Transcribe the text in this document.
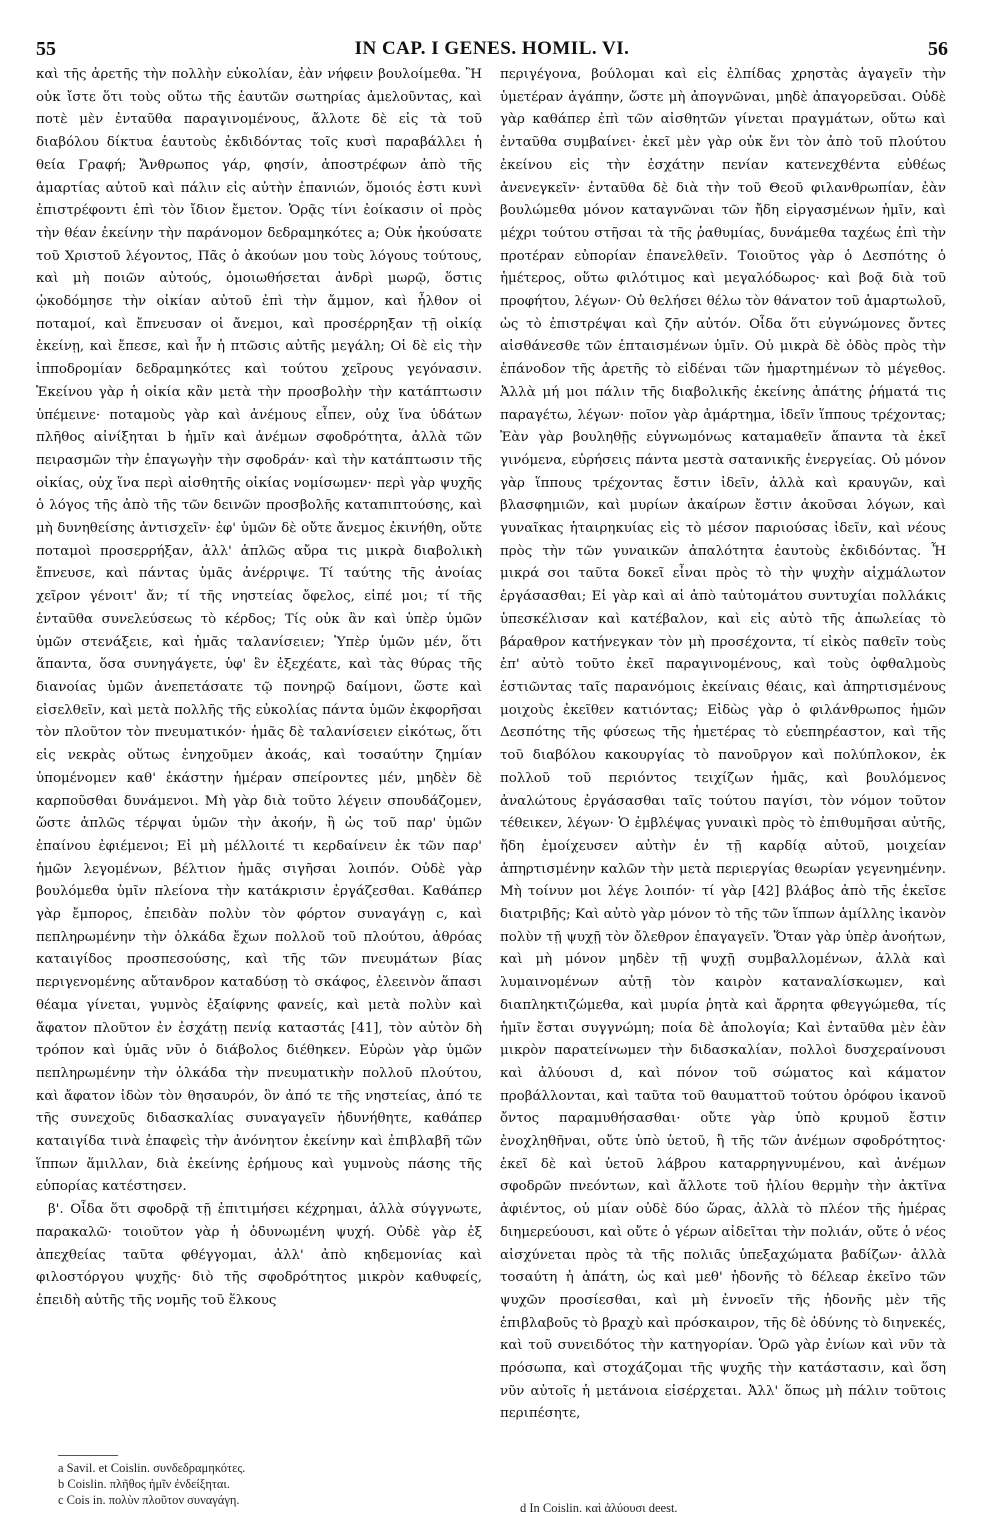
55	IN CAP. I GENES. HOMIL. VI.	56

καὶ τῆς ἀρετῆς τὴν πολλὴν εὐκολίαν, ἐὰν νήφειν βουλοίμεθα. Ἢ οὐκ ἴστε ὅτι τοὺς οὕτω τῆς ἑαυτῶν σωτηρίας ἀμελοῦντας, καὶ ποτὲ μὲν ἐνταῦθα παραγινομένους, ἄλλοτε δὲ εἰς τὰ τοῦ διαβόλου δίκτυα ἑαυτοὺς ἐκδιδόντας τοῖς κυσὶ παραβάλλει ἡ θεία Γραφή; Ἄνθρωπος γάρ, φησίν, ἀποστρέφων ἀπὸ τῆς ἁμαρτίας αὐτοῦ καὶ πάλιν εἰς αὐτὴν ἐπανιών, ὅμοιός ἐστι κυνὶ ἐπιστρέφοντι ἐπὶ τὸν ἴδιον ἔμετον. Ὁρᾷς τίνι ἐοίκασιν οἱ πρὸς τὴν θέαν ἐκείνην τὴν παράνομον δεδραμηκότες a; Οὐκ ἠκούσατε τοῦ Χριστοῦ λέγοντος, Πᾶς ὁ ἀκούων μου τοὺς λόγους τούτους, καὶ μὴ ποιῶν αὐτούς, ὁμοιωθήσεται ἀνδρὶ μωρῷ, ὅστις ᾠκοδόμησε τὴν οἰκίαν αὐτοῦ ἐπὶ τὴν ἄμμον, καὶ ἦλθον οἱ ποταμοί, καὶ ἔπνευσαν οἱ ἄνεμοι, καὶ προσέρρηξαν τῇ οἰκίᾳ ἐκείνῃ, καὶ ἔπεσε, καὶ ἦν ἡ πτῶσις αὐτῆς μεγάλη; Οἱ δὲ εἰς τὴν ἱπποδρομίαν δεδραμηκότες καὶ τούτου χεῖρους γεγόνασιν. Ἐκείνου γὰρ ἡ οἰκία κἂν μετὰ τὴν προσβολὴν τὴν κατάπτωσιν ὑπέμεινε· ποταμοὺς γὰρ καὶ ἀνέμους εἶπεν, οὐχ ἵνα ὑδάτων πλῆθος αἰνίξηται b ἡμῖν καὶ ἀνέμων σφοδρότητα, ἀλλὰ τῶν πειρασμῶν τὴν ἐπαγωγὴν τὴν σφοδράν· καὶ τὴν κατάπτωσιν τῆς οἰκίας, οὐχ ἵνα περὶ αἰσθητῆς οἰκίας νομίσωμεν· περὶ γὰρ ψυχῆς ὁ λόγος τῆς ἀπὸ τῆς τῶν δεινῶν προσβολῆς καταπιπτούσης, καὶ μὴ δυνηθείσης ἀντισχεῖν· ἐφ' ὑμῶν δὲ οὔτε ἄνεμος ἐκινήθη, οὔτε ποταμοὶ προσερρήξαν, ἀλλ' ἁπλῶς αὔρα τις μικρὰ διαβολικὴ ἔπνευσε, καὶ πάντας ὑμᾶς ἀνέρριψε. Τί ταύτης τῆς ἀνοίας χεῖρον γένοιτ' ἄν; τί τῆς νηστείας ὄφελος, εἰπέ μοι; τί τῆς ἐνταῦθα συνελεύσεως τὸ κέρδος; Τίς οὐκ ἂν καὶ ὑπὲρ ὑμῶν ὑμῶν στενάξειε, καὶ ἡμᾶς ταλανίσειεν; Ὑπὲρ ὑμῶν μέν, ὅτι ἅπαντα, ὅσα συνηγάγετε, ὑφ' ἓν ἐξεχέατε, καὶ τὰς θύρας τῆς διανοίας ὑμῶν ἀνεπετάσατε τῷ πονηρῷ δαίμονι, ὥστε καὶ εἰσελθεῖν, καὶ μετὰ πολλῆς τῆς εὐκολίας πάντα ὑμῶν ἐκφορῆσαι τὸν πλοῦτον τὸν πνευματικόν· ἡμᾶς δὲ ταλανίσειεν εἰκότως, ὅτι εἰς νεκρὰς οὕτως ἐνηχοῦμεν ἀκοάς, καὶ τοσαύτην ζημίαν ὑπομένομεν καθ' ἑκάστην ἡμέραν σπείροντες μέν, μηδὲν δὲ καρποῦσθαι δυνάμενοι. Μὴ γὰρ διὰ τοῦτο λέγειν σπουδάζομεν, ὥστε ἁπλῶς τέρψαι ὑμῶν τὴν ἀκοήν, ἢ ὡς τοῦ παρ' ὑμῶν ἐπαίνου ἐφιέμενοι; Εἰ μὴ μέλλοιτέ τι κερδαίνειν ἐκ τῶν παρ' ἡμῶν λεγομένων, βέλτιον ἡμᾶς σιγῆσαι λοιπόν. Οὐδὲ γὰρ βουλόμεθα ὑμῖν πλείονα τὴν κατάκρισιν ἐργάζεσθαι. Καθάπερ γὰρ ἔμπορος, ἐπειδὰν πολὺν τὸν φόρτον συναγάγῃ c, καὶ πεπληρωμένην τὴν ὁλκάδα ἔχων πολλοῦ τοῦ πλούτου, ἀθρόας καταιγίδος προσπεσούσης, καὶ τῆς τῶν πνευμάτων βίας περιγενομένης αὔτανδρον καταδύσῃ τὸ σκάφος, ἐλεεινὸν ἅπασι θέαμα γίνεται, γυμνὸς ἐξαίφνης φανείς, καὶ μετὰ πολὺν καὶ ἄφατον πλοῦτον ἐν ἐσχάτῃ πενίᾳ καταστάς [41], τὸν αὐτὸν δὴ τρόπον καὶ ὑμᾶς νῦν ὁ διάβολος διέθηκεν. Εὑρὼν γὰρ ὑμῶν πεπληρωμένην τὴν ὁλκάδα τὴν πνευματικὴν πολλοῦ πλούτου, καὶ ἄφατον ἰδὼν τὸν θησαυρόν, ὃν ἀπό τε τῆς νηστείας, ἀπό τε τῆς συνεχοῦς διδασκαλίας συναγαγεῖν ἠδυνήθητε, καθάπερ καταιγίδα τινὰ ἐπαφεὶς τὴν ἀνόνητον ἐκείνην καὶ ἐπιβλαβῆ τῶν ἵππων ἅμιλλαν, διὰ ἐκείνης ἐρήμους καὶ γυμνοὺς πάσης τῆς εὐπορίας κατέστησεν.

β'. Οἶδα ὅτι σφοδρᾷ τῇ ἐπιτιμήσει κέχρημαι, ἀλλὰ σύγγνωτε, παρακαλῶ· τοιοῦτον γὰρ ἡ ὀδυνωμένη ψυχή. Οὐδὲ γὰρ ἐξ ἀπεχθείας ταῦτα φθέγγομαι, ἀλλ' ἀπὸ κηδεμονίας καὶ φιλοστόργου ψυχῆς· διὸ τῆς σφοδρότητος μικρὸν καθυφείς, ἐπειδὴ αὐτῆς τῆς νομῆς τοῦ ἕλκους

περιγέγονα, βούλομαι καὶ εἰς ἐλπίδας χρηστὰς ἀγαγεῖν τὴν ὑμετέραν ἀγάπην, ὥστε μὴ ἀπογνῶναι, μηδὲ ἀπαγορεῦσαι. Οὐδὲ γὰρ καθάπερ ἐπὶ τῶν αἰσθητῶν γίνεται πραγμάτων, οὕτω καὶ ἐνταῦθα συμβαίνει· ἐκεῖ μὲν γὰρ οὐκ ἔνι τὸν ἀπὸ τοῦ πλούτου ἐκείνου εἰς τὴν ἐσχάτην πενίαν κατενεχθέντα εὐθέως ἀνενεγκεῖν· ἐνταῦθα δὲ διὰ τὴν τοῦ Θεοῦ φιλανθρωπίαν, ἐὰν βουλώμεθα μόνον καταγνῶναι τῶν ἤδη εἰργασμένων ἡμῖν, καὶ μέχρι τούτου στῆσαι τὰ τῆς ῥαθυμίας, δυνάμεθα ταχέως ἐπὶ τὴν προτέραν εὐπορίαν ἐπανελθεῖν. Τοιοῦτος γὰρ ὁ Δεσπότης ὁ ἡμέτερος, οὕτω φιλότιμος καὶ μεγαλόδωρος· καὶ βοᾷ διὰ τοῦ προφήτου, λέγων· Οὐ θελήσει θέλω τὸν θάνατον τοῦ ἁμαρτωλοῦ, ὡς τὸ ἐπιστρέψαι καὶ ζῆν αὐτόν. Οἶδα ὅτι εὐγνώμονες ὄντες αἰσθάνεσθε τῶν ἐπταισμένων ὑμῖν. Οὐ μικρὰ δὲ ὁδὸς πρὸς τὴν ἐπάνοδον τῆς ἀρετῆς τὸ εἰδέναι τῶν ἡμαρτημένων τὸ μέγεθος. Ἀλλὰ μή μοι πάλιν τῆς διαβολικῆς ἐκείνης ἀπάτης ῥήματά τις παραγέτω, λέγων· ποῖον γὰρ ἁμάρτημα, ἰδεῖν ἵππους τρέχοντας; Ἐὰν γὰρ βουληθῇς εὐγνωμόνως καταμαθεῖν ἅπαντα τὰ ἐκεῖ γινόμενα, εὑρήσεις πάντα μεστὰ σατανικῆς ἐνεργείας. Οὐ μόνον γὰρ ἵππους τρέχοντας ἔστιν ἰδεῖν, ἀλλὰ καὶ κραυγῶν, καὶ βλασφημιῶν, καὶ μυρίων ἀκαίρων ἔστιν ἀκοῦσαι λόγων, καὶ γυναῖκας ἡταιρηκυίας εἰς τὸ μέσον παριούσας ἰδεῖν, καὶ νέους πρὸς τὴν τῶν γυναικῶν ἀπαλότητα ἑαυτοὺς ἐκδιδόντας. Ἦ μικρά σοι ταῦτα δοκεῖ εἶναι πρὸς τὸ τὴν ψυχὴν αἰχμάλωτον ἐργάσασθαι; Εἰ γὰρ καὶ αἱ ἀπὸ ταὐτομάτου συντυχίαι πολλάκις ὑπεσκέλισαν καὶ κατέβαλον, καὶ εἰς αὐτὸ τῆς ἀπωλείας τὸ βάραθρον κατήνεγκαν τὸν μὴ προσέχοντα, τί εἰκὸς παθεῖν τοὺς ἐπ' αὐτὸ τοῦτο ἐκεῖ παραγινομένους, καὶ τοὺς ὀφθαλμοὺς ἑστιῶντας ταῖς παρανόμοις ἐκείναις θέαις, καὶ ἀπηρτισμένους μοιχοὺς ἐκεῖθεν κατιόντας; Εἰδὼς γὰρ ὁ φιλάνθρωπος ἡμῶν Δεσπότης τῆς φύσεως τῆς ἡμετέρας τὸ εὐεπηρέαστον, καὶ τῆς τοῦ διαβόλου κακουργίας τὸ πανοῦργον καὶ πολύπλοκον, ἐκ πολλοῦ τοῦ περιόντος τειχίζων ἡμᾶς, καὶ βουλόμενος ἀναλώτους ἐργάσασθαι ταῖς τούτου παγίσι, τὸν νόμον τοῦτον τέθεικεν, λέγων· Ὁ ἐμβλέψας γυναικὶ πρὸς τὸ ἐπιθυμῆσαι αὐτῆς, ἤδη ἐμοίχευσεν αὐτὴν ἐν τῇ καρδίᾳ αὐτοῦ, μοιχείαν ἀπηρτισμένην καλῶν τὴν μετὰ περιεργίας θεωρίαν γεγενημένην. Μὴ τοίνυν μοι λέγε λοιπόν· τί γὰρ [42] βλάβος ἀπὸ τῆς ἐκεῖσε διατριβῆς; Καὶ αὐτὸ γὰρ μόνον τὸ τῆς τῶν ἵππων ἁμίλλης ἱκανὸν πολὺν τῇ ψυχῇ τὸν ὄλεθρον ἐπαγαγεῖν. Ὅταν γὰρ ὑπὲρ ἀνοήτων, καὶ μὴ μόνον μηδὲν τῇ ψυχῇ συμβαλλομένων, ἀλλὰ καὶ λυμαινομένων αὐτῇ τὸν καιρὸν καταναλίσκωμεν, καὶ διαπληκτιζώμεθα, καὶ μυρία ῥητὰ καὶ ἄρρητα φθεγγώμεθα, τίς ἡμῖν ἔσται συγγνώμη; ποία δὲ ἀπολογία; Καὶ ἐνταῦθα μὲν ἐὰν μικρὸν παρατείνωμεν τὴν διδασκαλίαν, πολλοὶ δυσχεραίνουσι καὶ ἀλύουσι d, καὶ πόνον τοῦ σώματος καὶ κάματον προβάλλονται, καὶ ταῦτα τοῦ θαυματτοῦ τούτου ὀρόφου ἱκανοῦ ὄντος παραμυθήσασθαι· οὔτε γὰρ ὑπὸ κρυμοῦ ἔστιν ἐνοχληθῆναι, οὔτε ὑπὸ ὑετοῦ, ἢ τῆς τῶν ἀνέμων σφοδρότητος· ἐκεῖ δὲ καὶ ὑετοῦ λάβρου καταρρηγνυμένου, καὶ ἀνέμων σφοδρῶν πνεόντων, καὶ ἄλλοτε τοῦ ἡλίου θερμὴν τὴν ἀκτῖνα ἀφιέντος, οὐ μίαν οὐδὲ δύο ὥρας, ἀλλὰ τὸ πλέον τῆς ἡμέρας διημερεύουσι, καὶ οὔτε ὁ γέρων αἰδεῖται τὴν πολιάν, οὔτε ὁ νέος αἰσχύνεται πρὸς τὰ τῆς πολιᾶς ὑπεξαχώματα βαδίζων· ἀλλὰ τοσαύτη ἡ ἀπάτη, ὡς καὶ μεθ' ἡδονῆς τὸ δέλεαρ ἐκεῖνο τῶν ψυχῶν προσίεσθαι, καὶ μὴ ἐννοεῖν τῆς ἡδονῆς μὲν τῆς ἐπιβλαβοῦς τὸ βραχὺ καὶ πρόσκαιρον, τῆς δὲ ὀδύνης τὸ διηνεκές, καὶ τοῦ συνειδότος τὴν κατηγορίαν. Ὁρῶ γὰρ ἐνίων καὶ νῦν τὰ πρόσωπα, καὶ στοχάζομαι τῆς ψυχῆς τὴν κατάστασιν, καὶ ὅση νῦν αὐτοῖς ἡ μετάνοια εἰσέρχεται. Ἀλλ' ὅπως μὴ πάλιν τοῦτοις περιπέσητε,

a Savil. et Coislin. συνδεδραμηκότες.
b Coislin. πλῆθος ἡμῖν ἐνδείξηται.
c Cois in. πολὺν πλοῦτον συναγάγη.
d In Coislin. καὶ ἀλύουσι deest.
